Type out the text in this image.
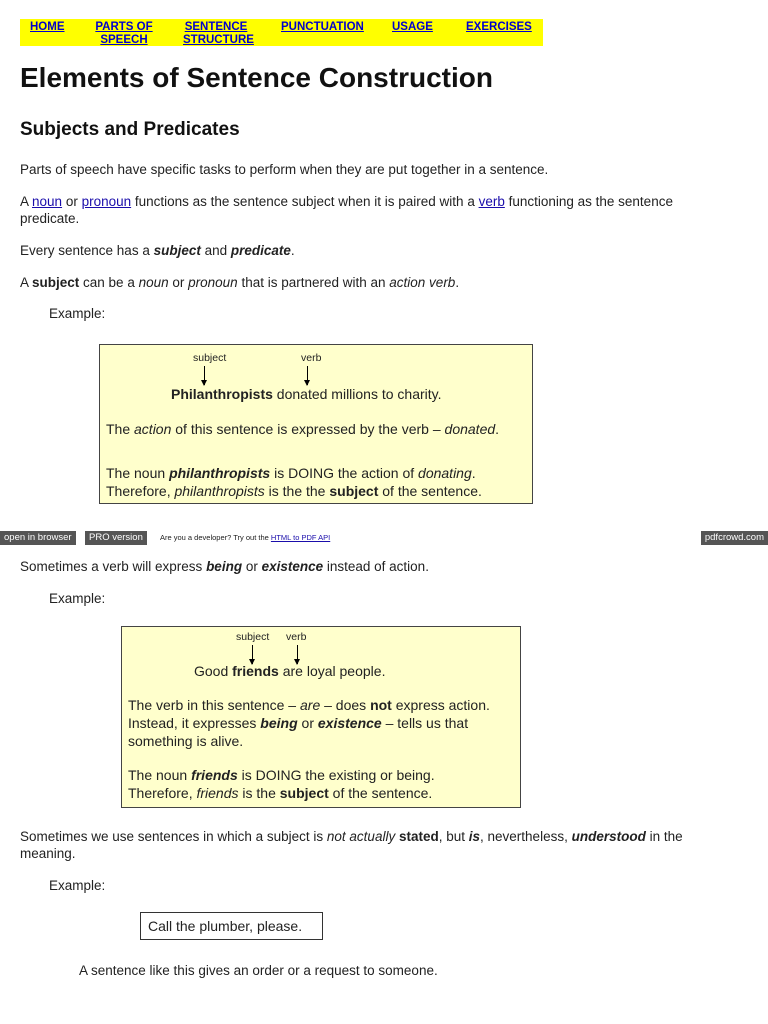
HOME	PARTS OF SPEECH
SENTENCE STRUCTURE
PUNCTUATION USAGE	EXERCISES
Elements of Sentence Construction
Subjects and Predicates
Parts of speech have specific tasks to perform when they are put together in a sentence.
A noun or pronoun functions as the sentence subject when it is paired with a verb functioning as the sentence predicate.
Every sentence has a subject and predicate.
A subject can be a noun or pronoun that is partnered with an action verb.
Example:
subject	verb
Philanthropists donated millions to charity.
The action of this sentence is expressed by the verb – donated.
The noun philanthropists is DOING the action of donating.
Therefore, philanthropists is the the subject of the sentence.
open in browser	PRO version	Are you a developer? Try out the HTML to PDF API	pdfcrowd.com
Sometimes a verb will express being or existence instead of action.
Example:
subject verb
Good friends are loyal people.
The verb in this sentence – are – does not express action.
Instead, it expresses being or existence – tells us that
something is alive.
The noun friends is DOING the existing or being.
Therefore, friends is the subject of the sentence.
Sometimes we use sentences in which a subject is not actually stated, but is, nevertheless, understood in the meaning.
Example:
Call the plumber, please.
A sentence like this gives an order or a request to someone.
